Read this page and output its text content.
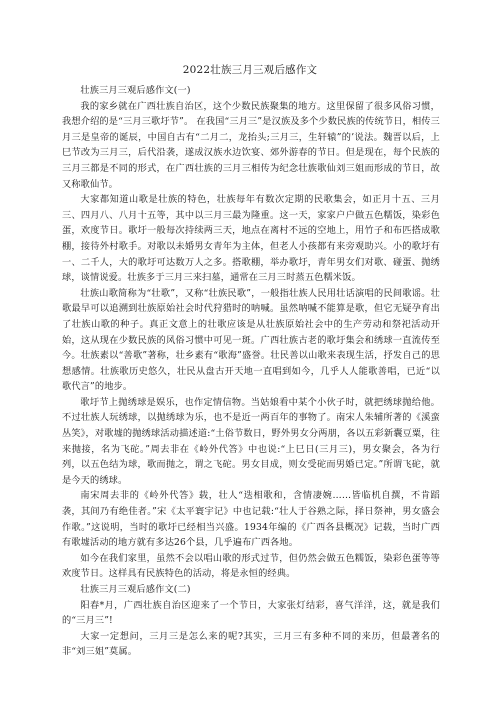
2022壮族三月三观后感作文

壮族三月三观后感作文(一)

我的家乡就在广西壮族自治区，这个少数民族聚集的地方。这里保留了很多风俗习惯，我想介绍的是“三月三歌圩节”。 在我国“三月三”是汉族及多个少数民族的传统节日，相传三月三是皇帝的诞辰，中国自古有“二月二，龙抬头;三月三，生轩辕”的’说法。魏晋以后，上巳节改为三月三，后代沿袭，遂成汉族水边饮宴、郊外游春的节日。但是现在，每个民族的三月三都是不同的形式，在广西壮族的三月三相传为纪念壮族歌仙刘三姐而形成的节日，故又称歌仙节。

大家都知道山歌是壮族的特色，壮族每年有数次定期的民歌集会，如正月十五、三月三、四月八、八月十五等，其中以三月三最为隆重。这一天，家家户户做五色糯饭，染彩色蛋，欢度节日。歌圩一般每次持续两三天，地点在离村不远的空地上，用竹子和布匹搭成歌棚，接待外村歌手。对歌以未婚男女青年为主体，但老人小孩都有来旁观助兴。小的歌圩有一、二千人，大的歌圩可达数万人之多。搭歌棚，举办歌圩，青年男女们对歌、碰蛋、抛绣球，谈情说爱。壮族多于三月三来扫墓，通常在三月三时蒸五色糯米饭。

壮族山歌简称为“壮歌”，又称“壮族民歌”，一般指壮族人民用壮话演唱的民间歌谣。壮歌最早可以追溯到壮族原始社会时代狩猎时的呐喊。虽然呐喊不能算是歌，但它无疑孕育出了壮族山歌的种子。真正文意上的壮歌应该是从壮族原始社会中的生产劳动和祭祀活动开始，这从现在少数民族的风俗习惯中可见一斑。广西壮族古老的歌圩集会和绣球一直流传至今。壮族素以“善歌”著称，壮乡素有“歌海”盛誉。壮民善以山歌来表现生活，抒发自己的思想感情。壮族歌历史悠久，壮民从盘古开天地一直唱到如今，几乎人人能歌善唱，已近“以歌代言”的地步。

歌圩节上抛绣球是娱乐，也作定情信物。当姑娘看中某个小伙子时，就把绣球抛给他。不过壮族人玩绣球，以抛绣球为乐，也不是近一两百年的事物了。南宋人朱辅所著的《溪蛮丛笑》，对歌墟的抛绣球活动描述道:“土俗节数日，野外男女分两朋，各以五彩新囊豆粟，往来抛接，名为飞砣。”周去非在《岭外代答》中也说:“上巳日(三月三)，男女聚会，各为行列，以五色结为球，歌而抛之，谓之飞砣。男女目成，则女受砣而男婚已定。”所谓飞砣，就是今天的绣球。

南宋周去非的《岭外代答》载，壮人“迭相歌和，含情凄婉……皆临机自撰，不肯蹈袭，其间乃有绝佳者。”宋《太平寰宇记》中也记载:“壮人于谷熟之际，择日祭神，男女盛会作歌。”这说明，当时的歌圩已经相当兴盛。1934年编的《广西各县概况》记载，当时广西有歌墟活动的地方就有多达26个县，几乎遍布广西各地。

如今在我们家里，虽然不会以唱山歌的形式过节，但仍然会做五色糯饭，染彩色蛋等等欢度节日。这样具有民族特色的活动，将是永恒的经典。

壮族三月三观后感作文(二)

阳春*月，广西壮族自治区迎来了一个节日，大家张灯结彩，喜气洋洋，这，就是我们的“三月三”!

大家一定想问，三月三是怎么来的呢?其实，三月三有多种不同的来历，但最著名的非“刘三姐”莫属。
